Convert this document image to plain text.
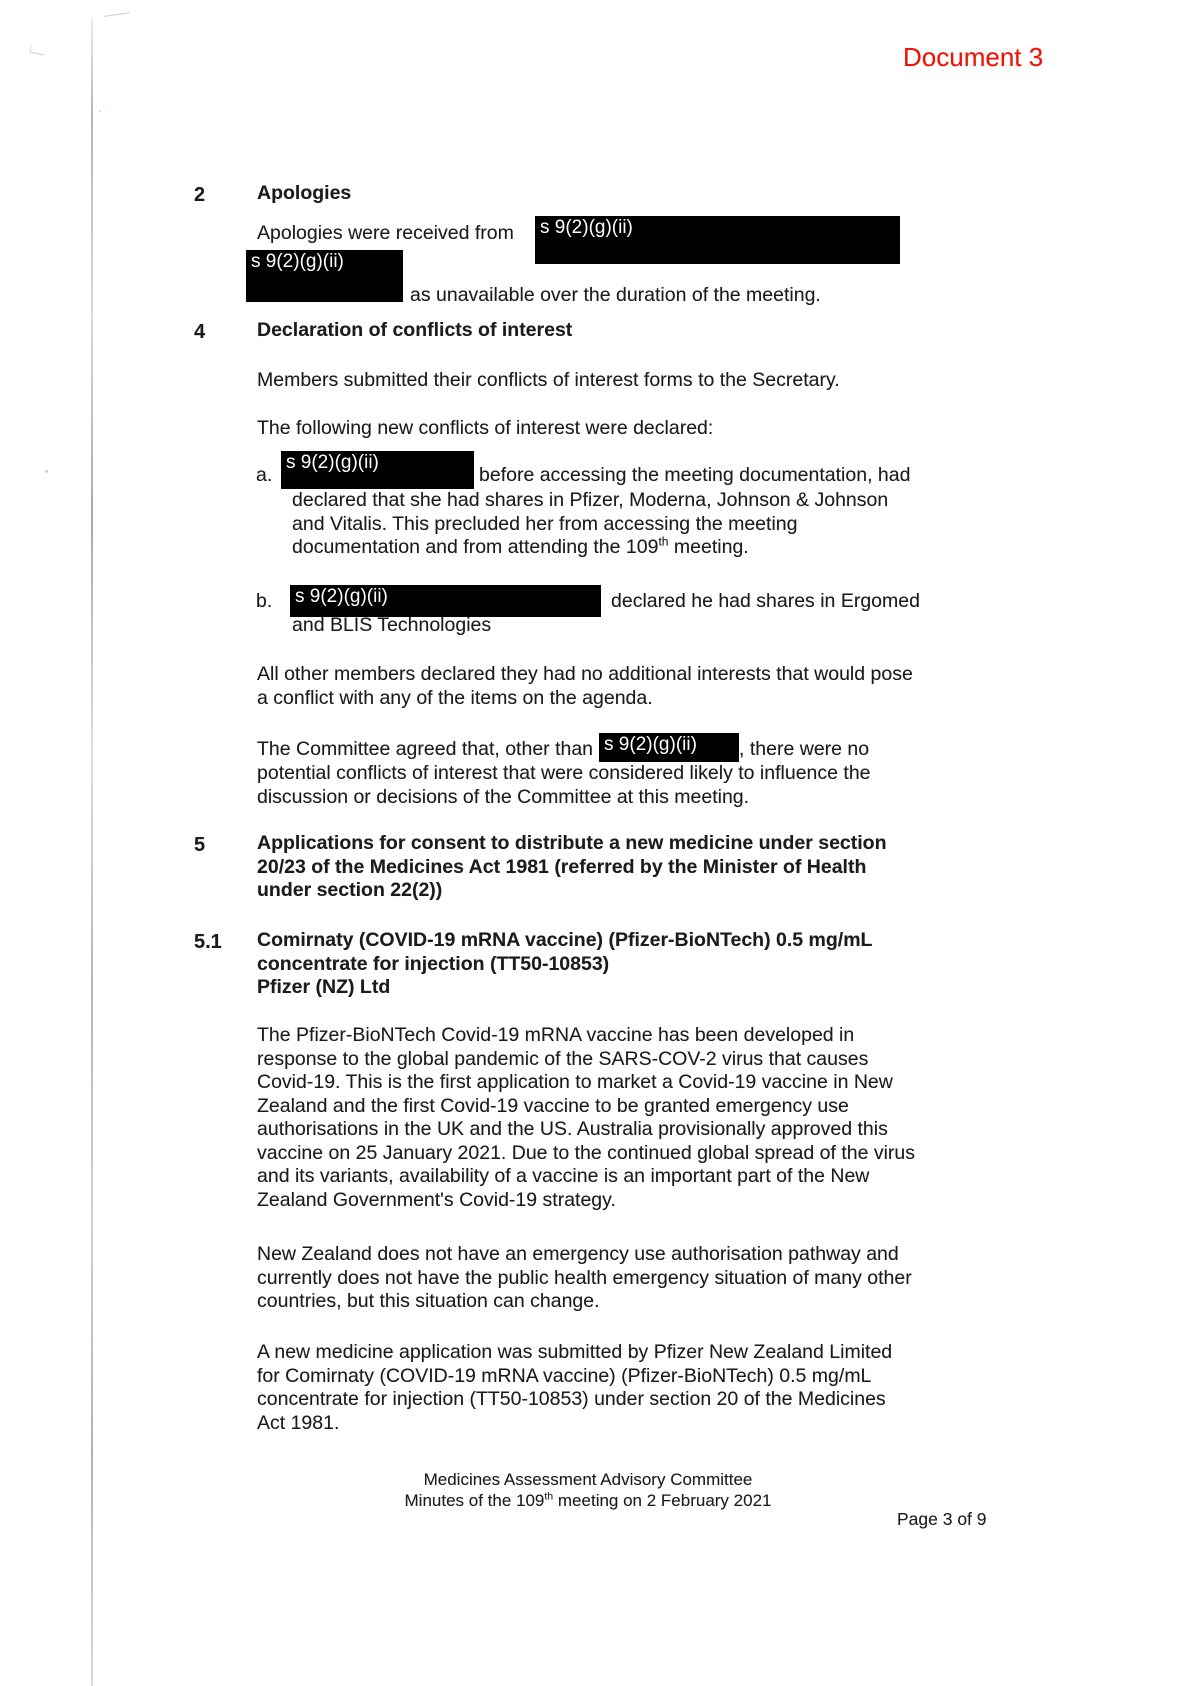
·˙
Document 3
2	Apologies
Apologies were received from s 9(2)(g)(ii)
s 9(2)(g)(ii)
as unavailable over the duration of the meeting.
4	Declaration of conflicts of interest
Members submitted their conflicts of interest forms to the Secretary.
The following new conflicts of interest were declared:
a.
s 9(2)(g)(ii)
before accessing the meeting documentation, had
declared that she had shares in Pfizer, Moderna, Johnson & Johnson
and Vitalis. This precluded her from accessing the meeting
documentation and from attending the 109th meeting.
b. s 9(2)(g)(ii)	declared he had shares in Ergomed
and BLIS Technologies
All other members declared they had no additional interests that would pose
a conflict with any of the items on the agenda.
The Committee agreed that, other than s 9(2)(g)(ii)	, there were no
potential conflicts of interest that were considered likely to influence the
discussion or decisions of the Committee at this meeting.
5	Applications for consent to distribute a new medicine under section
20/23 of the Medicines Act 1981 (referred by the Minister of Health
under section 22(2))
5.1 Comirnaty (COVID-19 mRNA vaccine) (Pfizer-BioNTech) 0.5 mg/mL
concentrate for injection (TT50-10853)
Pfizer (NZ) Ltd
The Pfizer-BioNTech Covid-19 mRNA vaccine has been developed in
response to the global pandemic of the SARS-COV-2 virus that causes
Covid-19. This is the first application to market a Covid-19 vaccine in New
Zealand and the first Covid-19 vaccine to be granted emergency use
authorisations in the UK and the US. Australia provisionally approved this
vaccine on 25 January 2021. Due to the continued global spread of the virus
and its variants, availability of a vaccine is an important part of the New
Zealand Government's Covid-19 strategy.
New Zealand does not have an emergency use authorisation pathway and
currently does not have the public health emergency situation of many other
countries, but this situation can change.
A new medicine application was submitted by Pfizer New Zealand Limited
for Comirnaty (COVID-19 mRNA vaccine) (Pfizer-BioNTech) 0.5 mg/mL
concentrate for injection (TT50-10853) under section 20 of the Medicines
Act 1981.
Medicines Assessment Advisory Committee
Minutes of the 109th meeting on 2 February 2021
Page 3 of 9
